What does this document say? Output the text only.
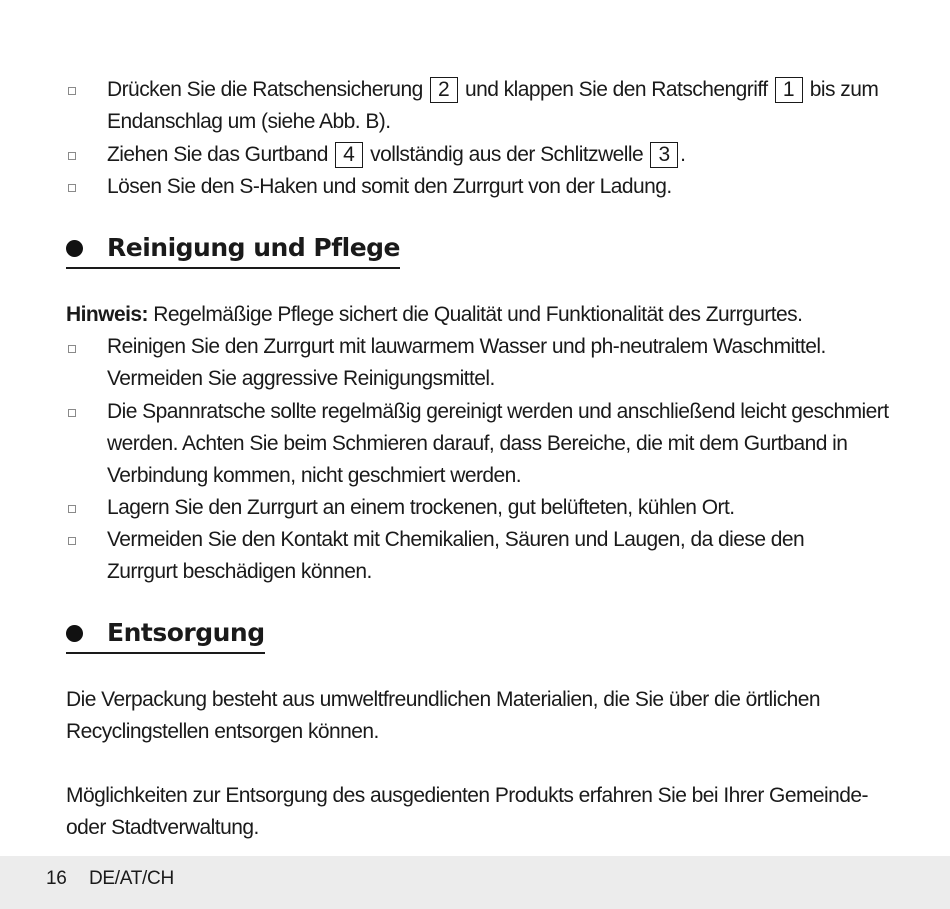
Drücken Sie die Ratschensicherung 2 und klappen Sie den Ratschengriff 1 bis zum
Endanschlag um (siehe Abb. B).
Ziehen Sie das Gurtband 4 vollständig aus der Schlitzwelle 3 .
Lösen Sie den S-Haken und somit den Zurrgurt von der Ladung.
Reinigung und Pflege
Hinweis: Regelmäßige Pflege sichert die Qualität und Funktionalität des Zurrgurtes.
Reinigen Sie den Zurrgurt mit lauwarmem Wasser und ph-neutralem Waschmittel.
Vermeiden Sie aggressive Reinigungsmittel.
Die Spannratsche sollte regelmäßig gereinigt werden und anschließend leicht geschmiert
werden. Achten Sie beim Schmieren darauf, dass Bereiche, die mit dem Gurtband in
Verbindung kommen, nicht geschmiert werden.
Lagern Sie den Zurrgurt an einem trockenen, gut belüfteten, kühlen Ort.
Vermeiden Sie den Kontakt mit Chemikalien, Säuren und Laugen, da diese den
Zurrgurt beschädigen können.
Entsorgung
Die Verpackung besteht aus umweltfreundlichen Materialien, die Sie über die örtlichen
Recyclingstellen entsorgen können.
Möglichkeiten zur Entsorgung des ausgedienten Produkts erfahren Sie bei Ihrer Gemeinde-
oder Stadtverwaltung.
16 DE/AT/CH
